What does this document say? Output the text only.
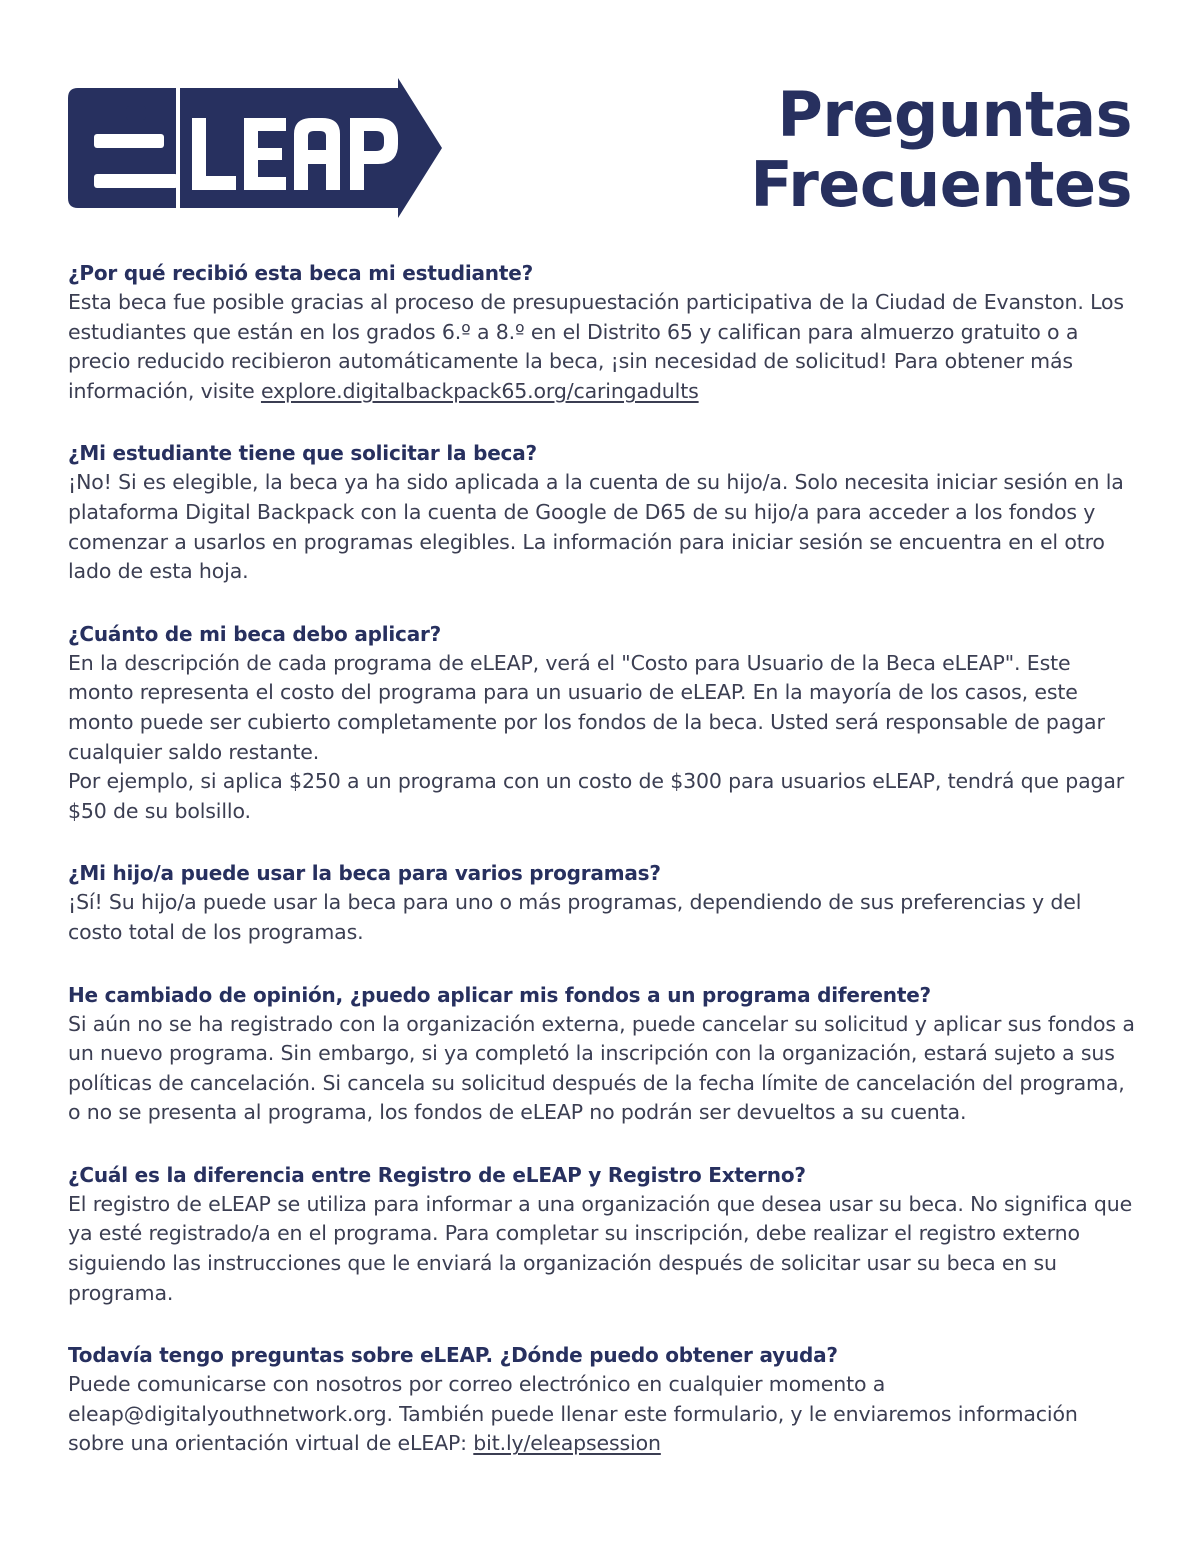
Preguntas
Frecuentes

¿Por qué recibió esta beca mi estudiante?

Esta beca fue posible gracias al proceso de presupuestación participativa de la Ciudad de Evanston. Los estudiantes que están en los grados 6.º a 8.º en el Distrito 65 y califican para almuerzo gratuito o a precio reducido recibieron automáticamente la beca, ¡sin necesidad de solicitud! Para obtener más información, visite explore.digitalbackpack65.org/caringadults

¿Mi estudiante tiene que solicitar la beca?

¡No! Si es elegible, la beca ya ha sido aplicada a la cuenta de su hijo/a. Solo necesita iniciar sesión en la plataforma Digital Backpack con la cuenta de Google de D65 de su hijo/a para acceder a los fondos y comenzar a usarlos en programas elegibles. La información para iniciar sesión se encuentra en el otro lado de esta hoja.

¿Cuánto de mi beca debo aplicar?

En la descripción de cada programa de eLEAP, verá el "Costo para Usuario de la Beca eLEAP". Este monto representa el costo del programa para un usuario de eLEAP. En la mayoría de los casos, este monto puede ser cubierto completamente por los fondos de la beca. Usted será responsable de pagar cualquier saldo restante.

Por ejemplo, si aplica $250 a un programa con un costo de $300 para usuarios eLEAP, tendrá que pagar $50 de su bolsillo.

¿Mi hijo/a puede usar la beca para varios programas?

¡Sí! Su hijo/a puede usar la beca para uno o más programas, dependiendo de sus preferencias y del costo total de los programas.

He cambiado de opinión, ¿puedo aplicar mis fondos a un programa diferente?

Si aún no se ha registrado con la organización externa, puede cancelar su solicitud y aplicar sus fondos a un nuevo programa. Sin embargo, si ya completó la inscripción con la organización, estará sujeto a sus políticas de cancelación. Si cancela su solicitud después de la fecha límite de cancelación del programa, o no se presenta al programa, los fondos de eLEAP no podrán ser devueltos a su cuenta.

¿Cuál es la diferencia entre Registro de eLEAP y Registro Externo?

El registro de eLEAP se utiliza para informar a una organización que desea usar su beca. No significa que ya esté registrado/a en el programa. Para completar su inscripción, debe realizar el registro externo siguiendo las instrucciones que le enviará la organización después de solicitar usar su beca en su programa.

Todavía tengo preguntas sobre eLEAP. ¿Dónde puedo obtener ayuda?

Puede comunicarse con nosotros por correo electrónico en cualquier momento a eleap@digitalyouthnetwork.org. También puede llenar este formulario, y le enviaremos información sobre una orientación virtual de eLEAP: bit.ly/eleapsession
